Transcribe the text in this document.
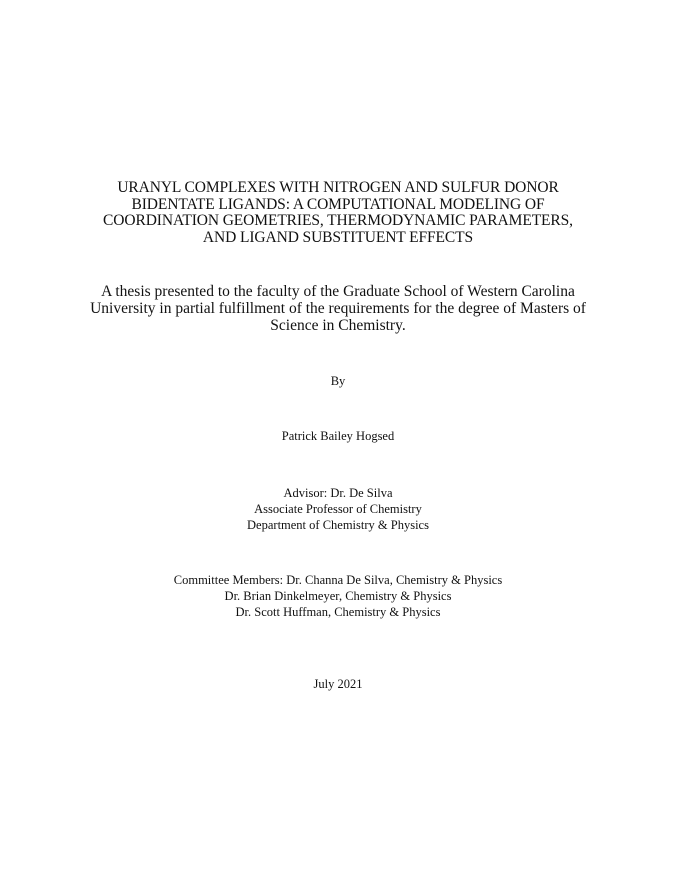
URANYL COMPLEXES WITH NITROGEN AND SULFUR DONOR
BIDENTATE LIGANDS: A COMPUTATIONAL MODELING OF
COORDINATION GEOMETRIES, THERMODYNAMIC PARAMETERS,
AND LIGAND SUBSTITUENT EFFECTS
A thesis presented to the faculty of the Graduate School of Western Carolina
University in partial fulfillment of the requirements for the degree of Masters of
Science in Chemistry.
By
Patrick Bailey Hogsed
Advisor: Dr. De Silva
Associate Professor of Chemistry
Department of Chemistry & Physics
Committee Members: Dr. Channa De Silva, Chemistry & Physics
Dr. Brian Dinkelmeyer, Chemistry & Physics
Dr. Scott Huffman, Chemistry & Physics
July 2021
